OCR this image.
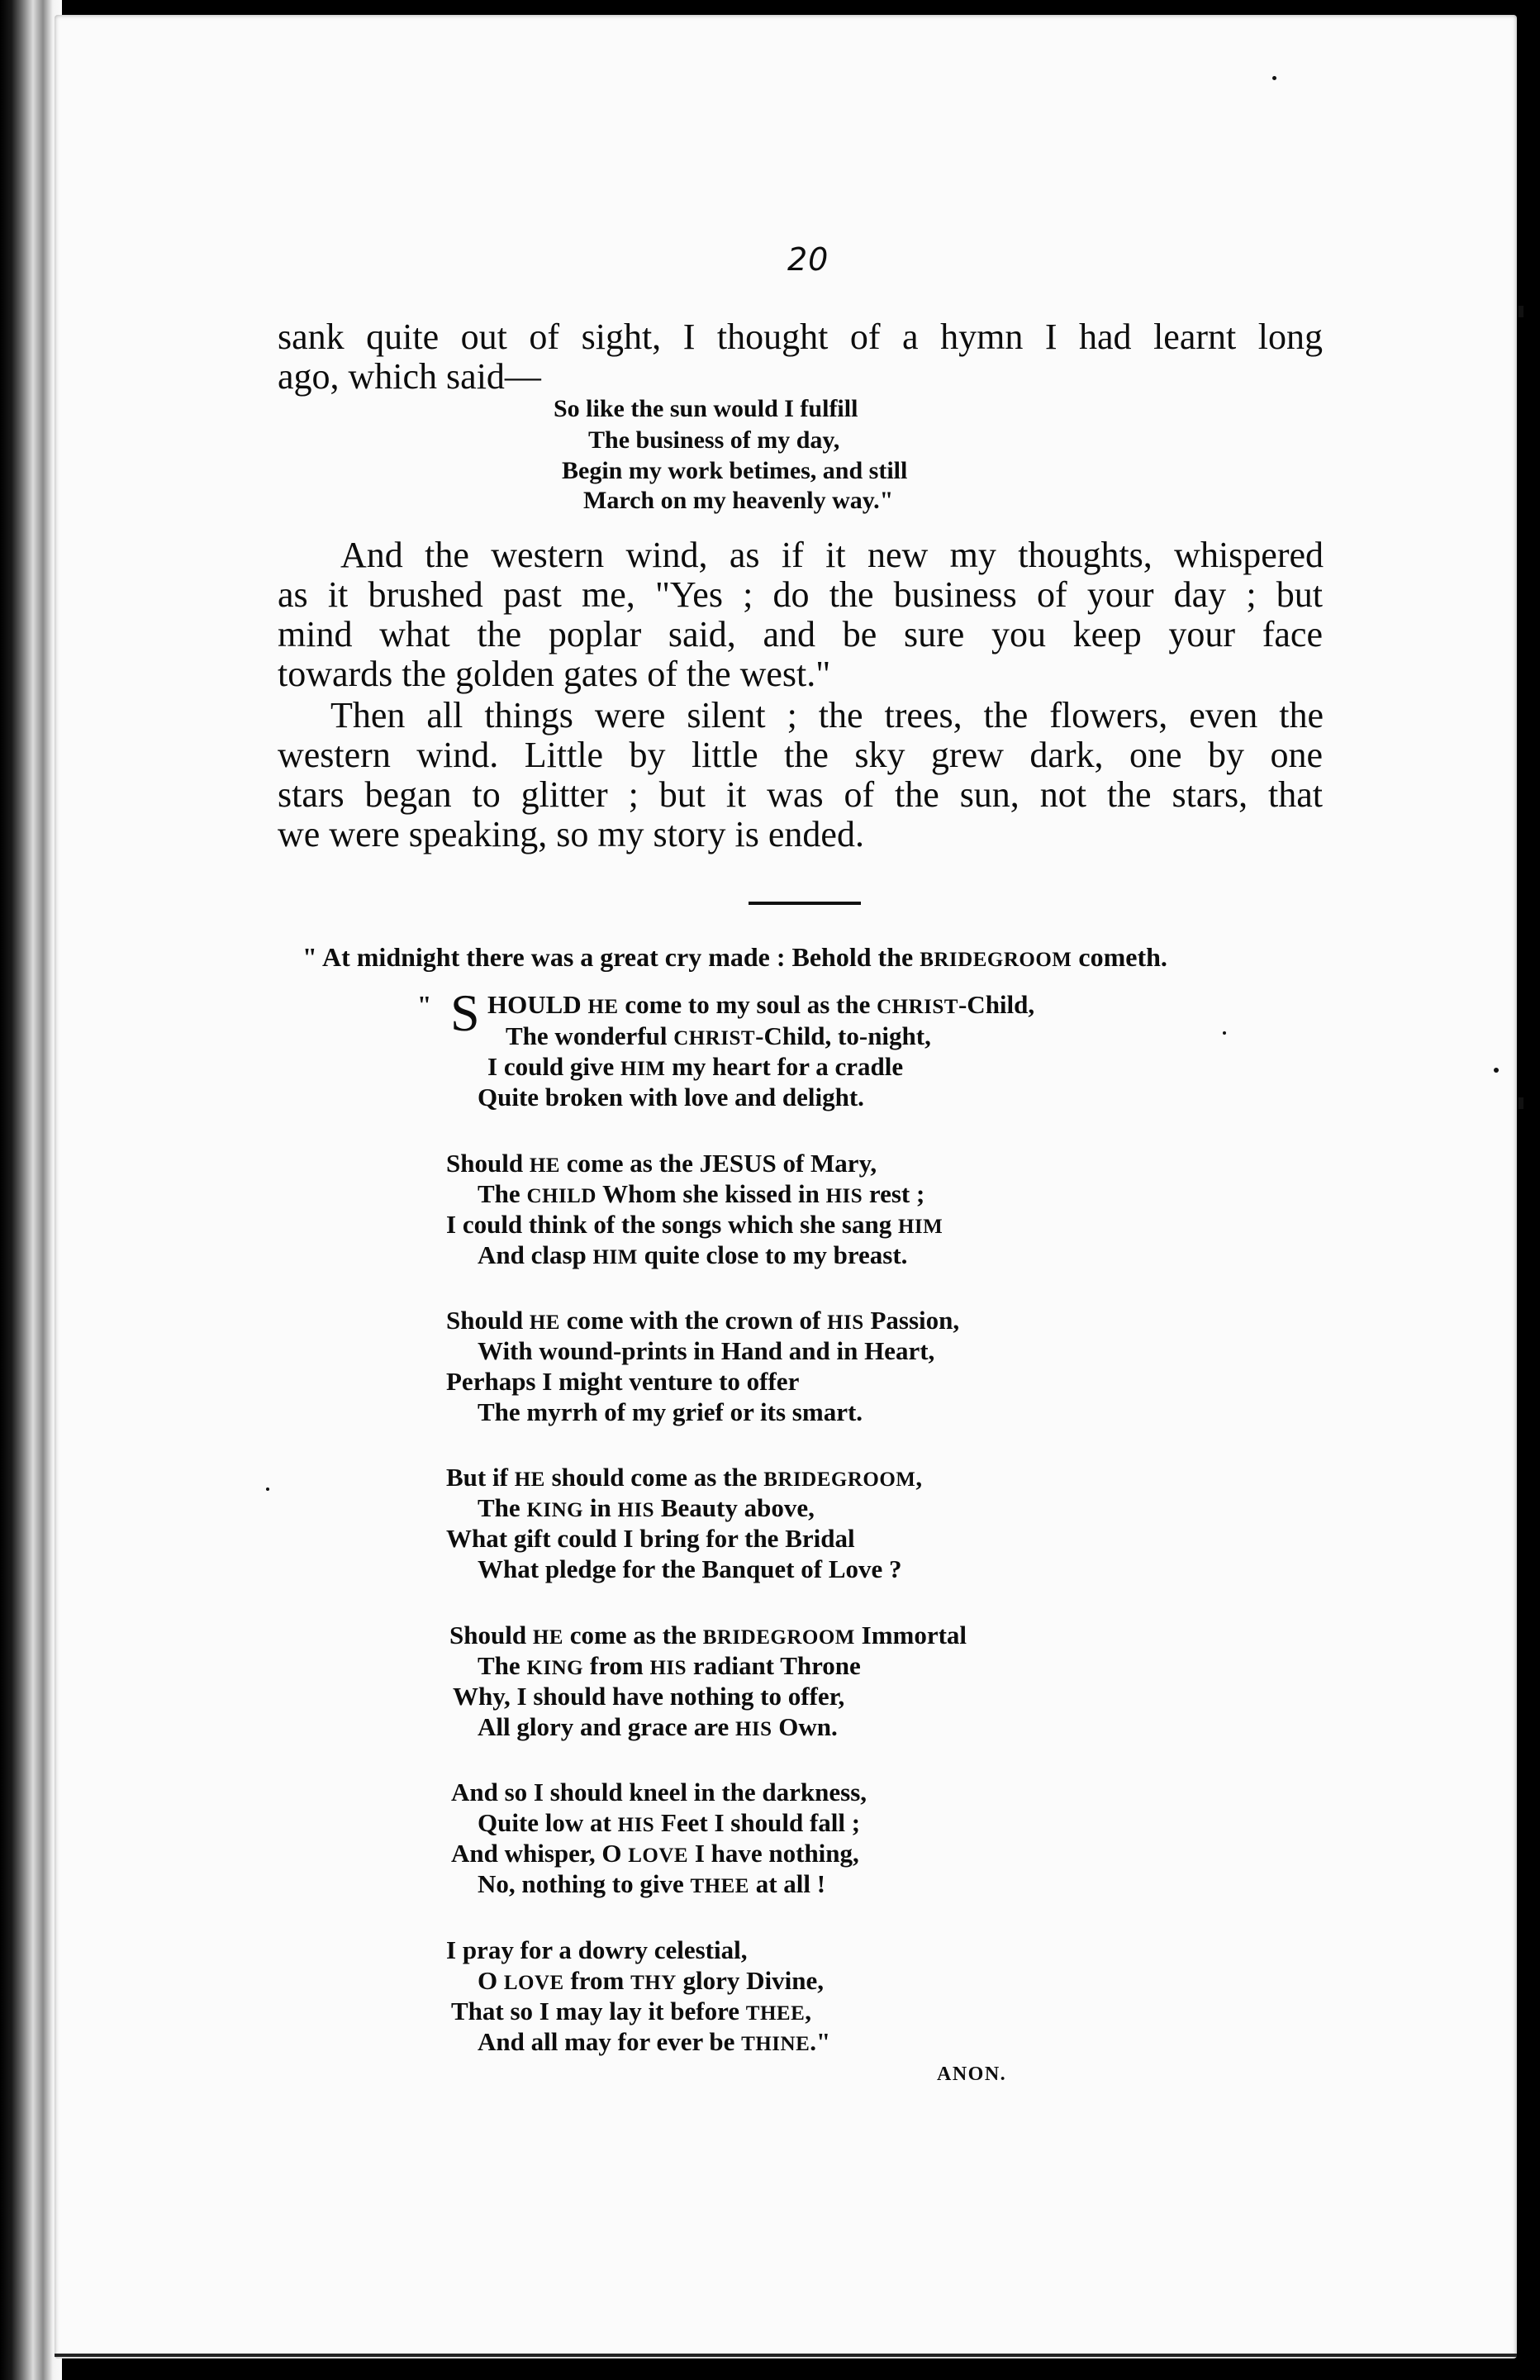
20
sank quite out of sight, I thought of a hymn I had learnt long
ago, which said—
So like the sun would I fulfill
The business of my day,
Begin my work betimes, and still
March on my heavenly way."
And the western wind, as if it new my thoughts, whispered
as it brushed past me, "Yes ; do the business of your day ; but
mind what the poplar said, and be sure you keep your face
towards the golden gates of the west."
Then all things were silent ; the trees, the flowers, even the
western wind. Little by little the sky grew dark, one by one
stars began to glitter ; but it was of the sun, not the stars, that
we were speaking, so my story is ended.
" At midnight there was a great cry made : Behold the BRIDEGROOM cometh.
" S HOULD HE come to my soul as the CHRIST-Child,
The wonderful CHRIST-Child, to-night,
I could give HIM my heart for a cradle
Quite broken with love and delight.
Should HE come as the JESUS of Mary,
The CHILD Whom she kissed in HIS rest ;
I could think of the songs which she sang HIM
And clasp HIM quite close to my breast.
Should HE come with the crown of HIS Passion,
With wound-prints in Hand and in Heart,
Perhaps I might venture to offer
The myrrh of my grief or its smart.
But if HE should come as the BRIDEGROOM,
The KING in HIS Beauty above,
What gift could I bring for the Bridal
What pledge for the Banquet of Love ?
Should HE come as the BRIDEGROOM Immortal
The KING from HIS radiant Throne
Why, I should have nothing to offer,
All glory and grace are HIS Own.
And so I should kneel in the darkness,
Quite low at HIS Feet I should fall ;
And whisper, O LOVE I have nothing,
No, nothing to give THEE at all !
I pray for a dowry celestial,
O LOVE from THY glory Divine,
That so I may lay it before THEE,
And all may for ever be THINE."
ANON.
